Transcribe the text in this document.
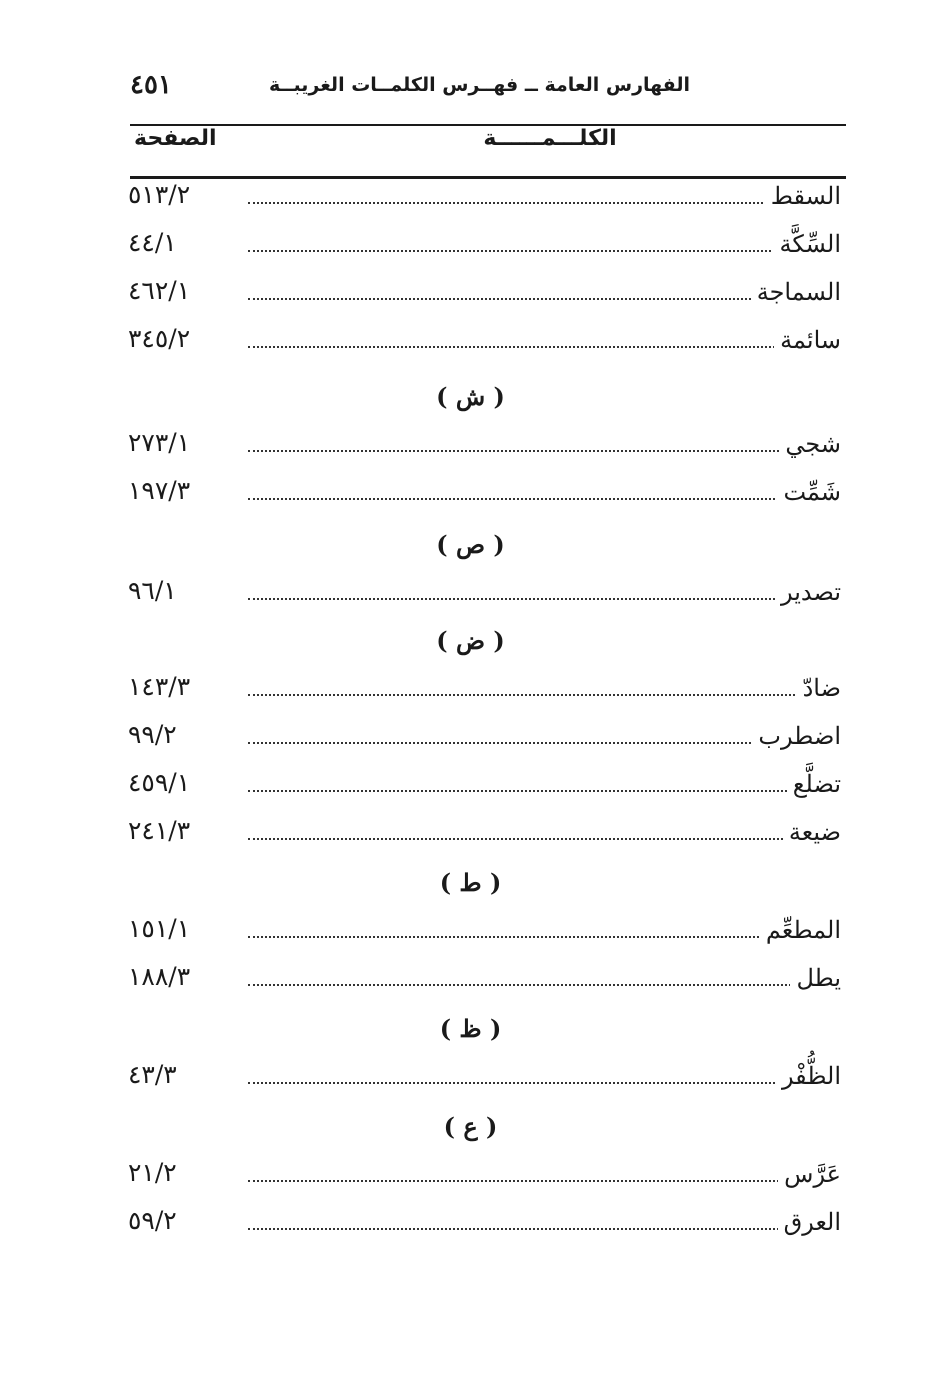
٤٥١	الفهارس العامة ــ فهــرس الكلمــات الغريبــة
الصفحة	الكلـــمــــــة
٥١٣/٢	السقط
٤٤/١	السِّكَّة
٤٦٢/١	السماجة
٣٤٥/٢	سائمة
( ش )
٢٧٣/١	شجي
١٩٧/٣	شَمِّت
( ص )
٩٦/١	تصدير
( ض )
١٤٣/٣	ضادّ
٩٩/٢	اضطرب
٤٥٩/١	تضلَّع
٢٤١/٣	ضيعة
( ط )
١٥١/١	المطعِّم
١٨٨/٣	يطل
( ظ )
٤٣/٣	الظُّفْر
( ع )
٢١/٢	عَرَّس
٥٩/٢	العرق
